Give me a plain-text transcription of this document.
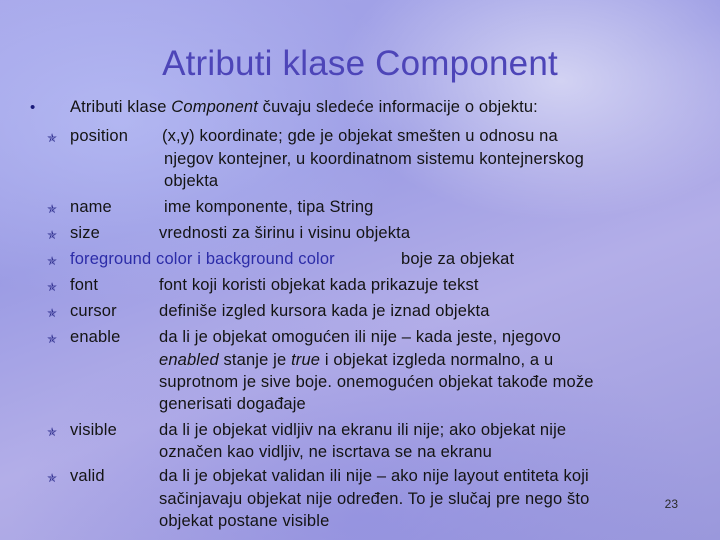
Atributi klase Component
• Atributi klase Component čuvaju sledeće informacije o objektu:
✯ position (x,y) koordinate; gde je objekat smešten u odnosu na
njegov kontejner, u koordinatnom sistemu kontejnerskog
objekta
✯ name	ime komponente, tipa String
✯ size	vrednosti za širinu i visinu objekta
✯ foreground color i background color	boje za objekat
✯ font	font koji koristi objekat kada prikazuje tekst
✯ cursor	definiše izgled kursora kada je iznad objekta
✯ enable da li je objekat omogućen ili nije – kada jeste, njegovo
enabled stanje je true i objekat izgleda normalno, a u
suprotnom je sive boje. onemogućen objekat takođe može
generisati događaje
✯ visible	da li je objekat vidljiv na ekranu ili nije; ako objekat nije
označen kao vidljiv, ne iscrtava se na ekranu
✯ valid	da li je objekat validan ili nije – ako nije layout entiteta koji
sačinjavaju objekat nije određen. To je slučaj pre nego što
objekat postane visible
23
